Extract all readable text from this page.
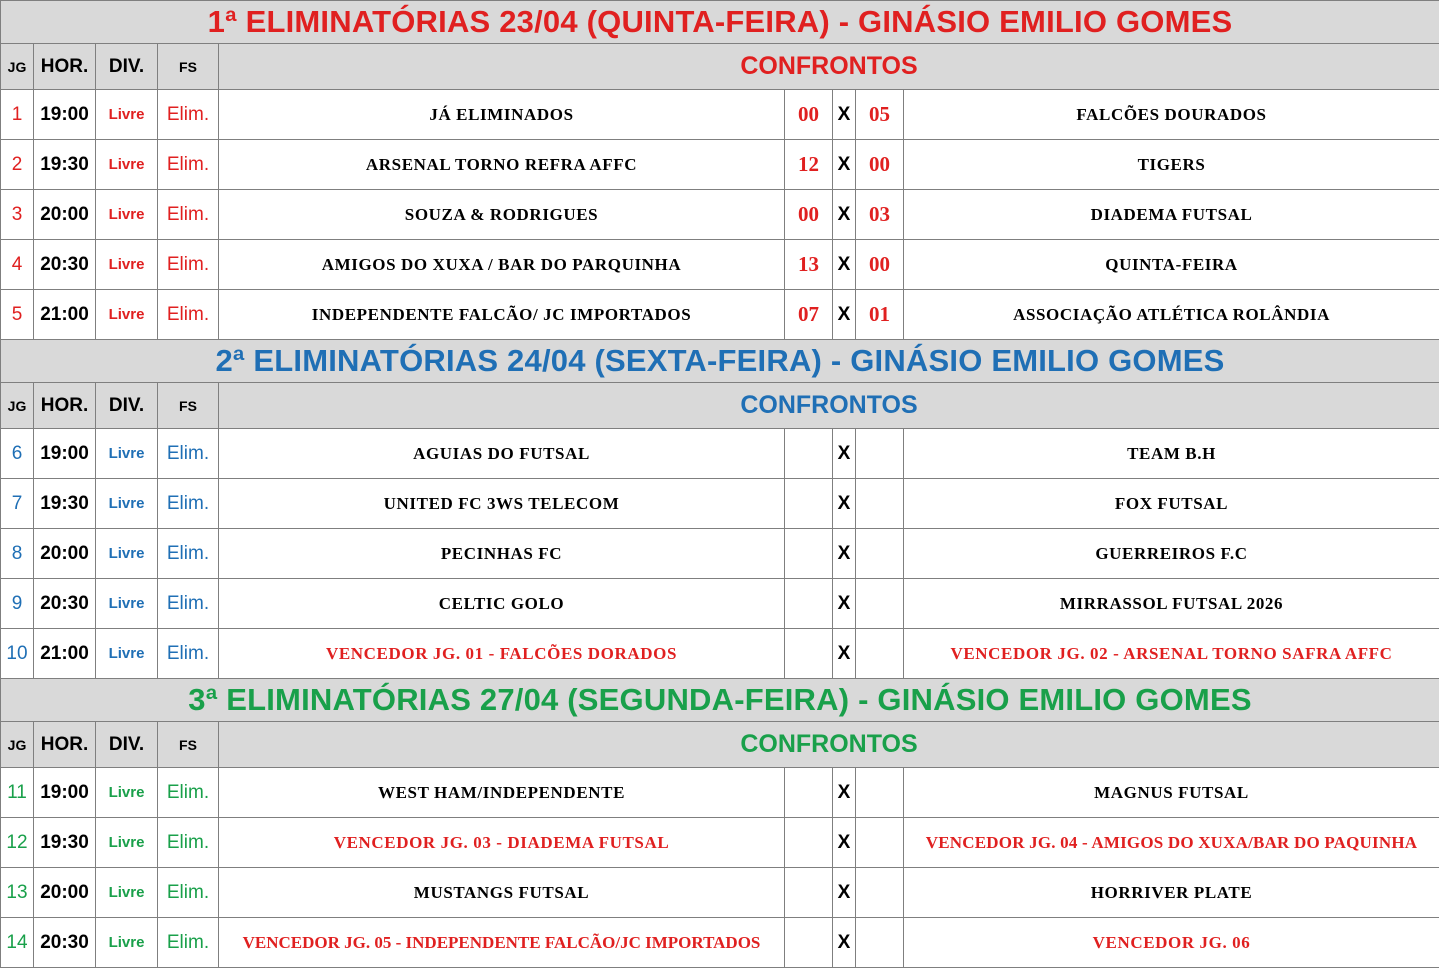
1ª ELIMINATÓRIAS 23/04 (QUINTA-FEIRA) - GINÁSIO EMILIO GOMES								
JG	HOR.	DIV.	FS	CONFRONTOS				
1	19:00	Livre	Elim.	JÁ ELIMINADOS	00	X	05	FALCÕES DOURADOS
2	19:30	Livre	Elim.	ARSENAL TORNO REFRA AFFC	12	X	00	TIGERS
3	20:00	Livre	Elim.	SOUZA & RODRIGUES	00	X	03	DIADEMA FUTSAL
4	20:30	Livre	Elim.	AMIGOS DO XUXA / BAR DO PARQUINHA	13	X	00	QUINTA-FEIRA
5	21:00	Livre	Elim.	INDEPENDENTE FALCÃO/ JC IMPORTADOS	07	X	01	ASSOCIAÇÃO ATLÉTICA ROLÂNDIA
2ª ELIMINATÓRIAS 24/04 (SEXTA-FEIRA) - GINÁSIO EMILIO GOMES								
JG	HOR.	DIV.	FS	CONFRONTOS				
6	19:00	Livre	Elim.	AGUIAS DO FUTSAL		X		TEAM B.H
7	19:30	Livre	Elim.	UNITED FC 3WS TELECOM		X		FOX FUTSAL
8	20:00	Livre	Elim.	PECINHAS FC		X		GUERREIROS F.C
9	20:30	Livre	Elim.	CELTIC GOLO		X		MIRRASSOL FUTSAL 2026
10	21:00	Livre	Elim.	VENCEDOR JG. 01 - FALCÕES DORADOS		X		VENCEDOR JG. 02 - ARSENAL TORNO SAFRA AFFC
3ª ELIMINATÓRIAS 27/04 (SEGUNDA-FEIRA) - GINÁSIO EMILIO GOMES								
JG	HOR.	DIV.	FS	CONFRONTOS				
11	19:00	Livre	Elim.	WEST HAM/INDEPENDENTE		X		MAGNUS FUTSAL
12	19:30	Livre	Elim.	VENCEDOR JG. 03 - DIADEMA FUTSAL		X		VENCEDOR JG. 04 - AMIGOS DO XUXA/BAR DO PAQUINHA
13	20:00	Livre	Elim.	MUSTANGS FUTSAL		X		HORRIVER PLATE
14	20:30	Livre	Elim.	VENCEDOR JG. 05 - INDEPENDENTE FALCÃO/JC IMPORTADOS		X		VENCEDOR JG. 06
